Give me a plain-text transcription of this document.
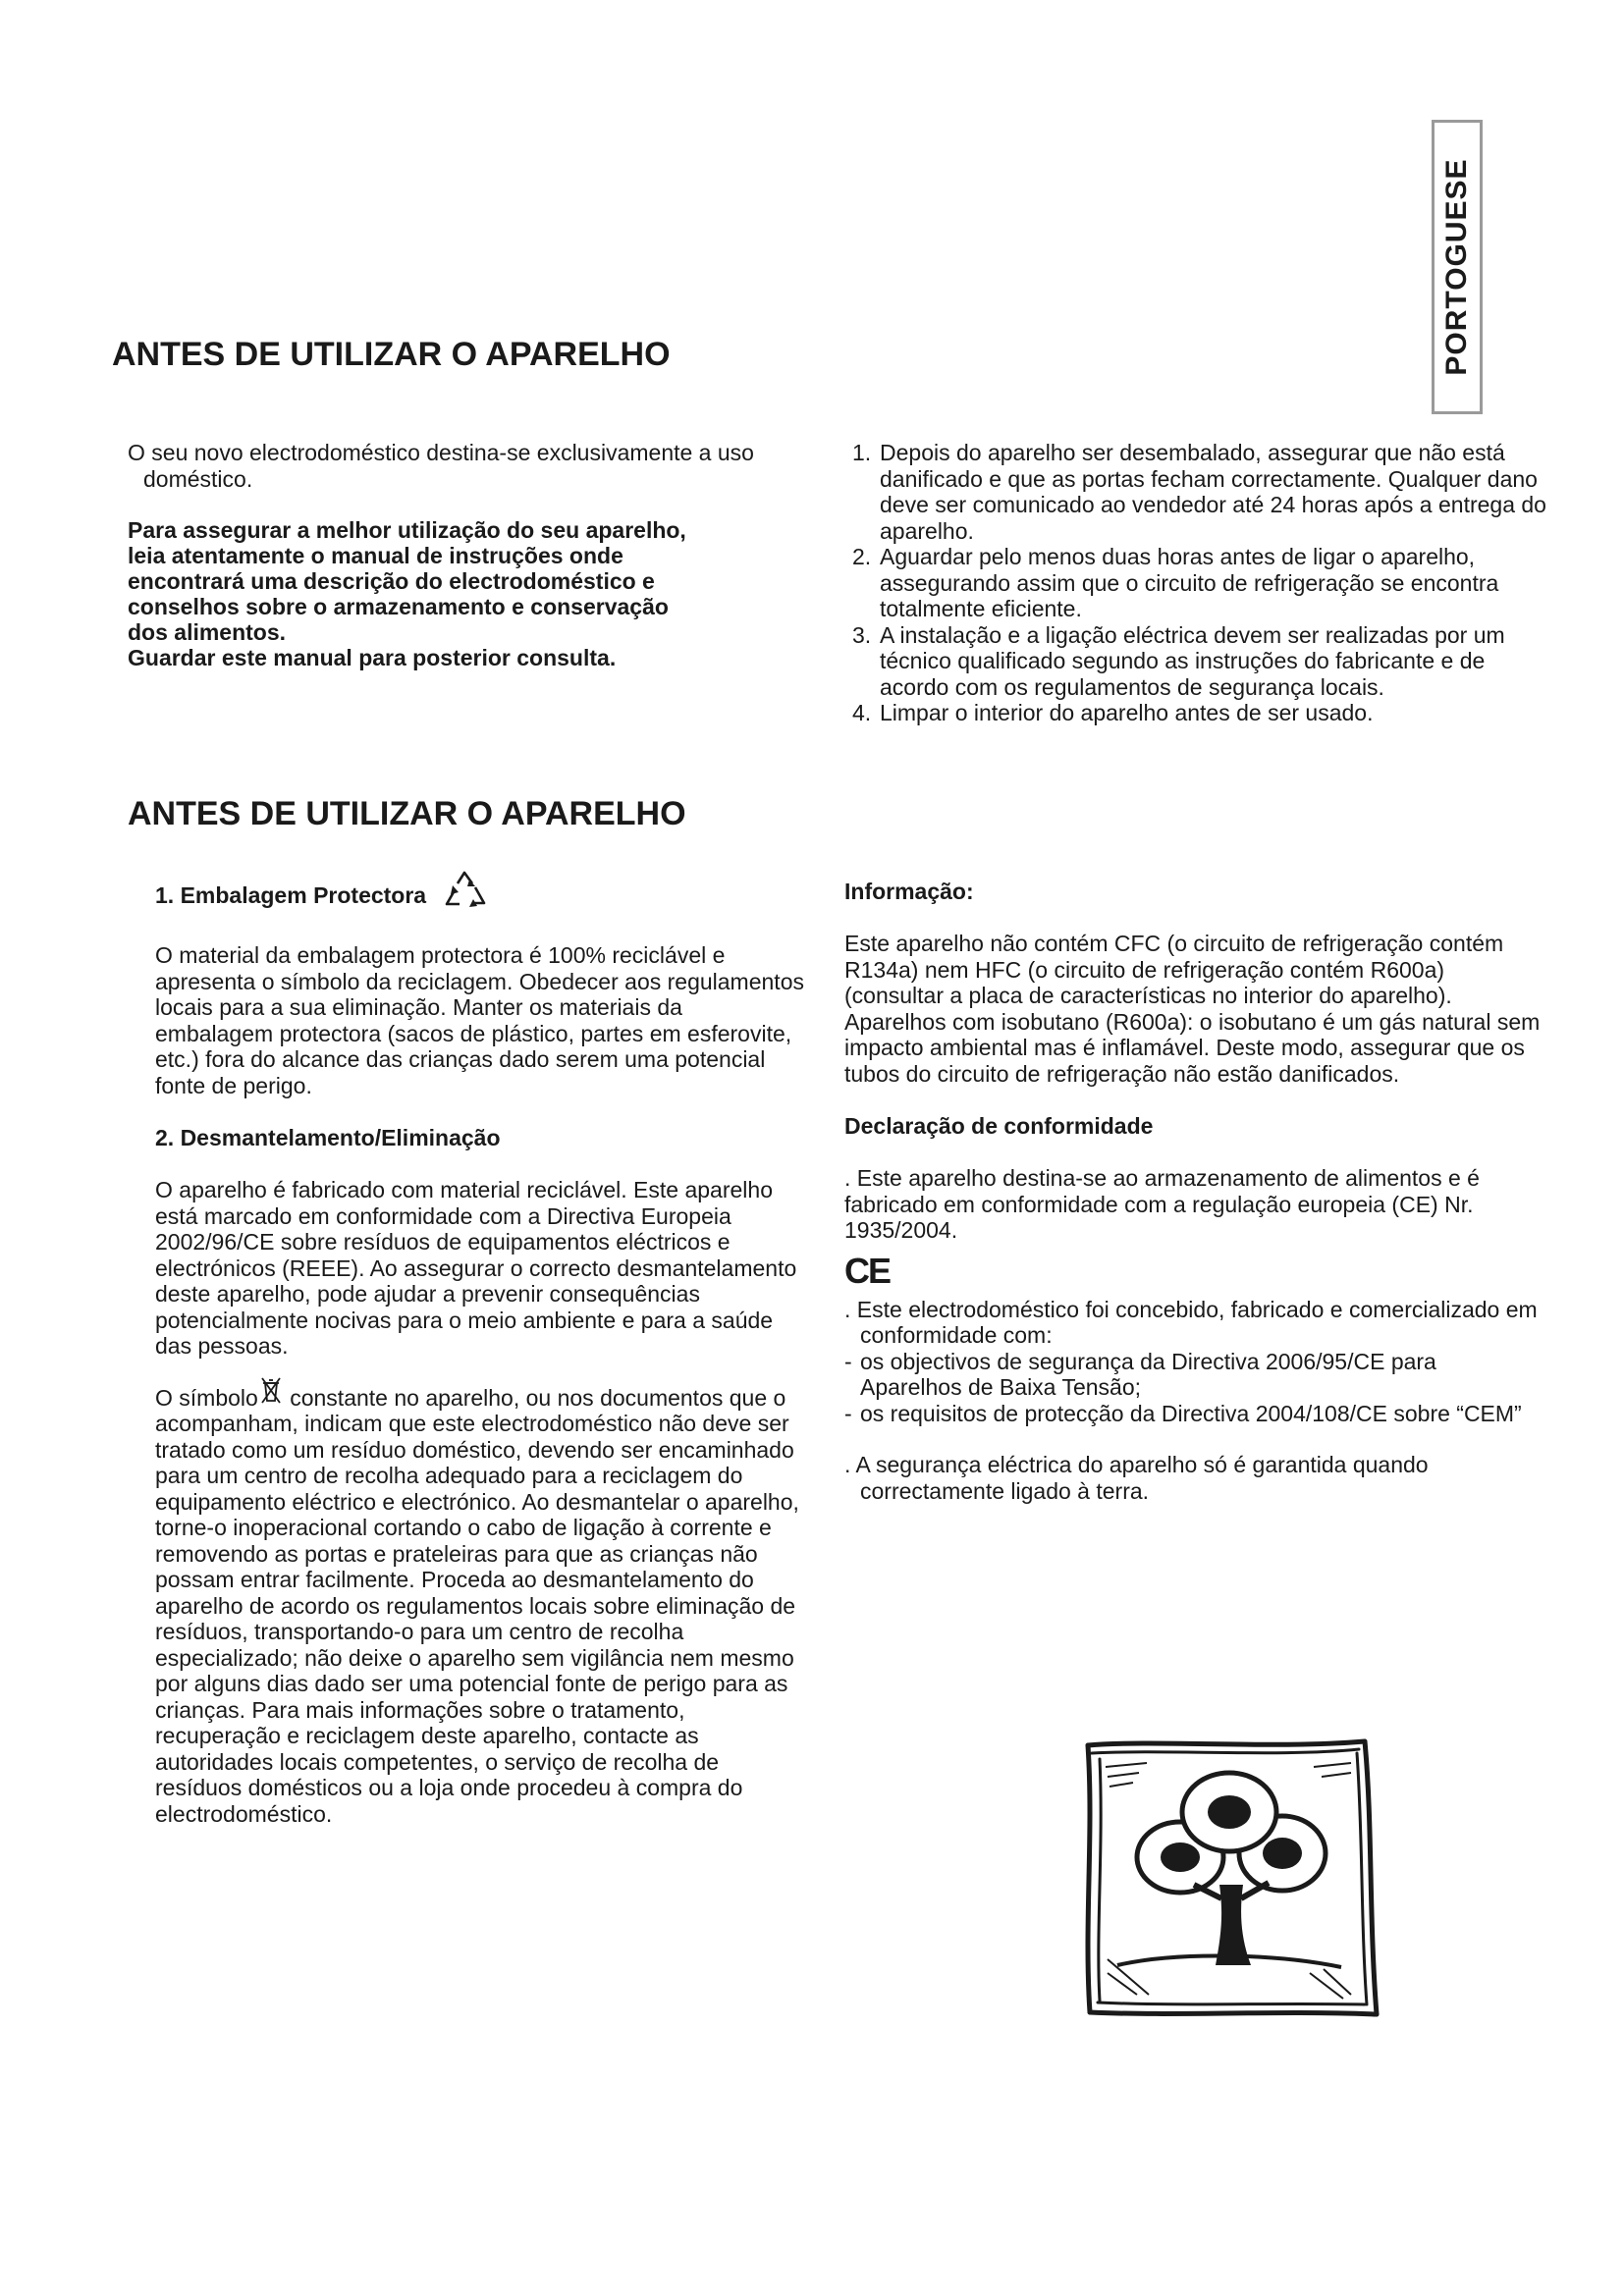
PORTOGUESE
ANTES DE UTILIZAR O APARELHO

O seu novo electrodoméstico destina-se exclusivamente a uso doméstico.

Para assegurar a melhor utilização do seu aparelho,
leia atentamente o manual de instruções onde
encontrará uma descrição do electrodoméstico e
conselhos sobre o armazenamento e conservação
dos alimentos.
Guardar este manual para posterior consulta.

1. Depois do aparelho ser desembalado, assegurar que não está danificado e que as portas fecham correctamente. Qualquer dano deve ser comunicado ao vendedor até 24 horas após a entrega do aparelho.
2. Aguardar pelo menos duas horas antes de ligar o aparelho, assegurando assim que o circuito de refrigeração se encontra totalmente eficiente.
3. A instalação e a ligação eléctrica devem ser realizadas por um técnico qualificado segundo as instruções do fabricante e de acordo com os regulamentos de segurança locais.
4. Limpar o interior do aparelho antes de ser usado.
ANTES DE UTILIZAR O APARELHO
1. Embalagem Protectora

O material da embalagem protectora é 100% reciclável e apresenta o símbolo da reciclagem. Obedecer aos regulamentos locais para a sua eliminação. Manter os materiais da embalagem protectora (sacos de plástico, partes em esferovite, etc.) fora do alcance das crianças dado serem uma potencial fonte de perigo.

2. Desmantelamento/Eliminação

O aparelho é fabricado com material reciclável. Este aparelho está marcado em conformidade com a Directiva Europeia 2002/96/CE sobre resíduos de equipamentos eléctricos e electrónicos (REEE). Ao assegurar o correcto desmantelamento deste aparelho, pode ajudar a prevenir consequências potencialmente nocivas para o meio ambiente e para a saúde das pessoas.

O símbolo constante no aparelho, ou nos documentos que o acompanham, indicam que este electrodoméstico não deve ser tratado como um resíduo doméstico, devendo ser encaminhado para um centro de recolha adequado para a reciclagem do equipamento eléctrico e electrónico. Ao desmantelar o aparelho, torne-o inoperacional cortando o cabo de ligação à corrente e removendo as portas e prateleiras para que as crianças não possam entrar facilmente. Proceda ao desmantelamento do aparelho de acordo os regulamentos locais sobre eliminação de resíduos, transportando-o para um centro de recolha especializado; não deixe o aparelho sem vigilância nem mesmo por alguns dias dado ser uma potencial fonte de perigo para as crianças. Para mais informações sobre o tratamento, recuperação e reciclagem deste aparelho, contacte as autoridades locais competentes, o serviço de recolha de resíduos domésticos ou a loja onde procedeu à compra do electrodoméstico.

Informação:

Este aparelho não contém CFC (o circuito de refrigeração contém R134a) nem HFC (o circuito de refrigeração contém R600a) (consultar a placa de características no interior do aparelho). Aparelhos com isobutano (R600a): o isobutano é um gás natural sem impacto ambiental mas é inflamável. Deste modo, assegurar que os tubos do circuito de refrigeração não estão danificados.

Declaração de conformidade

. Este aparelho destina-se ao armazenamento de alimentos e é fabricado em conformidade com a regulação europeia (CE) Nr. 1935/2004.

CE

. Este electrodoméstico foi concebido, fabricado e comercializado em conformidade com:

- os objectivos de segurança da Directiva 2006/95/CE para Aparelhos de Baixa Tensão;
- os requisitos de protecção da Directiva 2004/108/CE sobre “CEM”

. A segurança eléctrica do aparelho só é garantida quando correctamente ligado à terra.
